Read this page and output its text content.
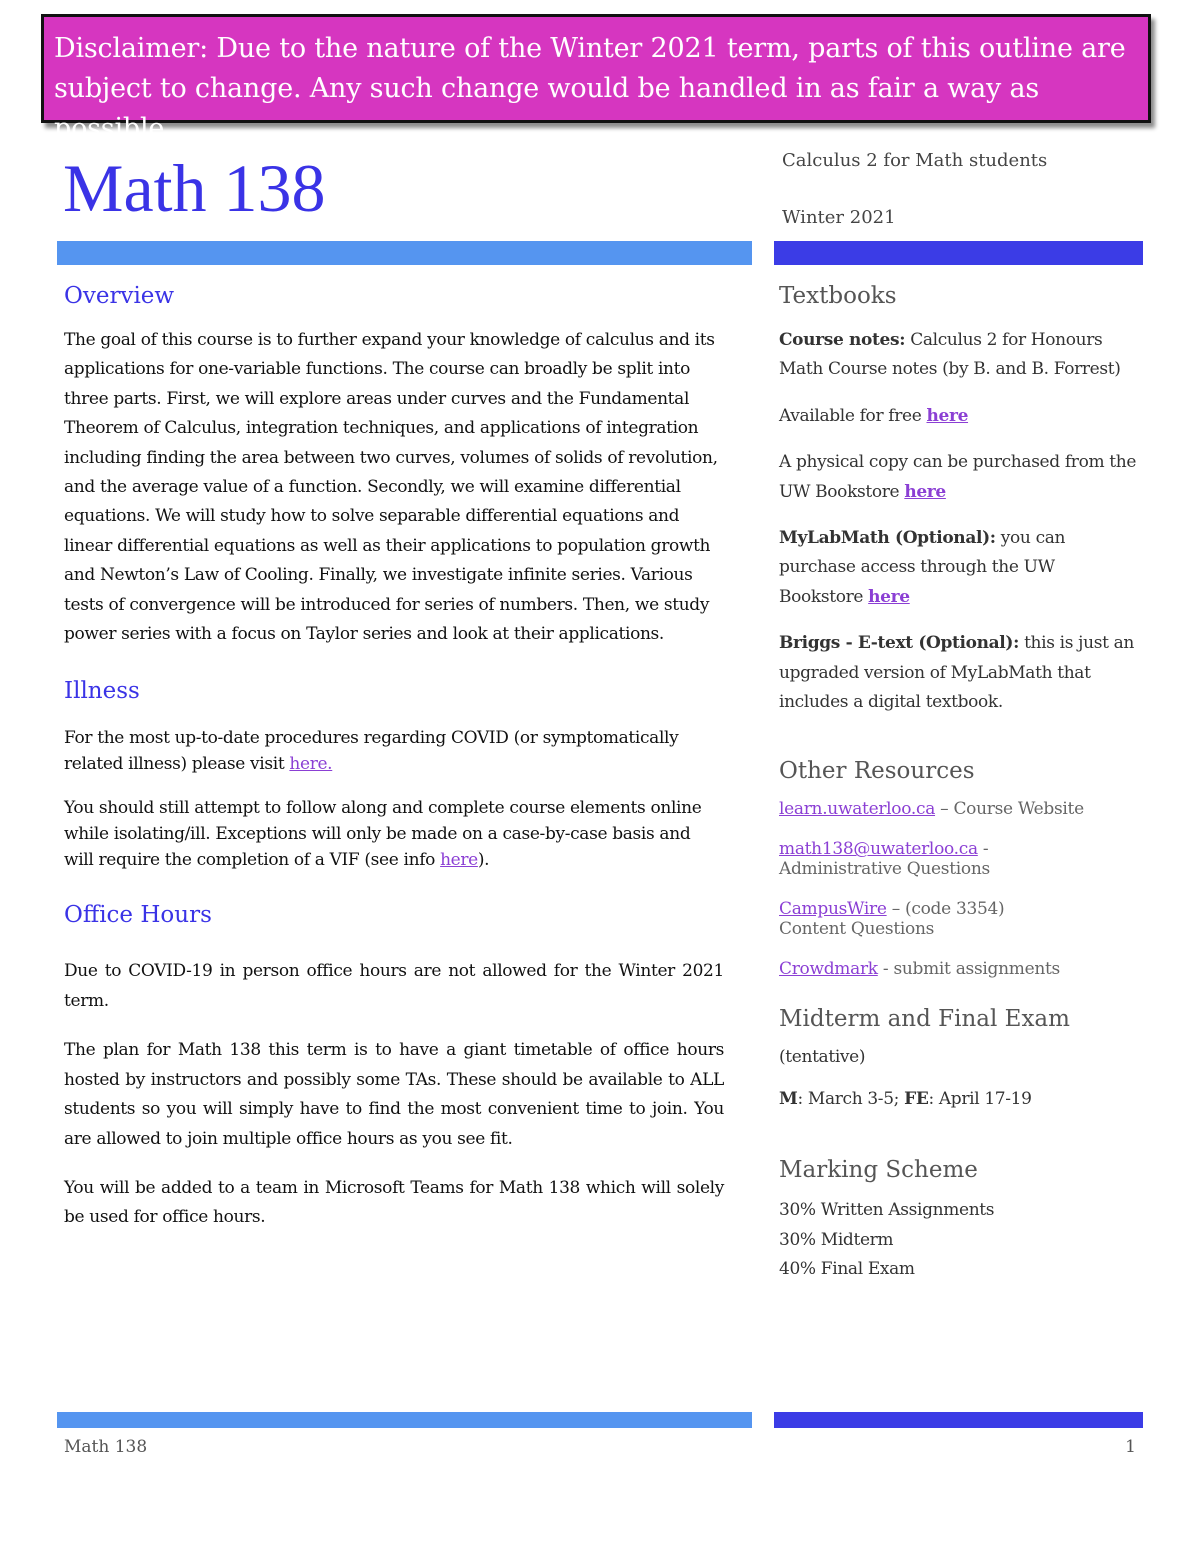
Disclaimer: Due to the nature of the Winter 2021 term, parts of this outline are subject to change. Any such change would be handled in as fair a way as possible.
Math 138	Calculus 2 for Math students
Winter 2021
Overview

The goal of this course is to further expand your knowledge of calculus and its applications for one-variable functions. The course can broadly be split into three parts. First, we will explore areas under curves and the Fundamental Theorem of Calculus, integration techniques, and applications of integration including finding the area between two curves, volumes of solids of revolution, and the average value of a function. Secondly, we will examine differential equations. We will study how to solve separable differential equations and linear differential equations as well as their applications to population growth and Newton’s Law of Cooling. Finally, we investigate infinite series. Various tests of convergence will be introduced for series of numbers. Then, we study power series with a focus on Taylor series and look at their applications.

Illness

For the most up-to-date procedures regarding COVID (or symptomatically related illness) please visit here.

You should still attempt to follow along and complete course elements online while isolating/ill. Exceptions will only be made on a case-by-case basis and will require the completion of a VIF (see info here).

Office Hours

Due to COVID-19 in person office hours are not allowed for the Winter 2021 term.

The plan for Math 138 this term is to have a giant timetable of office hours hosted by instructors and possibly some TAs. These should be available to ALL students so you will simply have to find the most convenient time to join. You are allowed to join multiple office hours as you see fit.

You will be added to a team in Microsoft Teams for Math 138 which will solely be used for office hours.

Textbooks

Course notes: Calculus 2 for Honours Math Course notes (by B. and B. Forrest)

Available for free here

A physical copy can be purchased from the UW Bookstore here

MyLabMath (Optional): you can purchase access through the UW Bookstore here

Briggs - E-text (Optional): this is just an upgraded version of MyLabMath that includes a digital textbook.

Other Resources
learn.uwaterloo.ca – Course Website
math138@uwaterloo.ca -
Administrative Questions
CampusWire – (code 3354)
Content Questions
Crowdmark - submit assignments
Midterm and Final Exam

(tentative)

M: March 3-5; FE: April 17-19

Marking Scheme

30% Written Assignments

30% Midterm

40% Final Exam

Math 138	1
